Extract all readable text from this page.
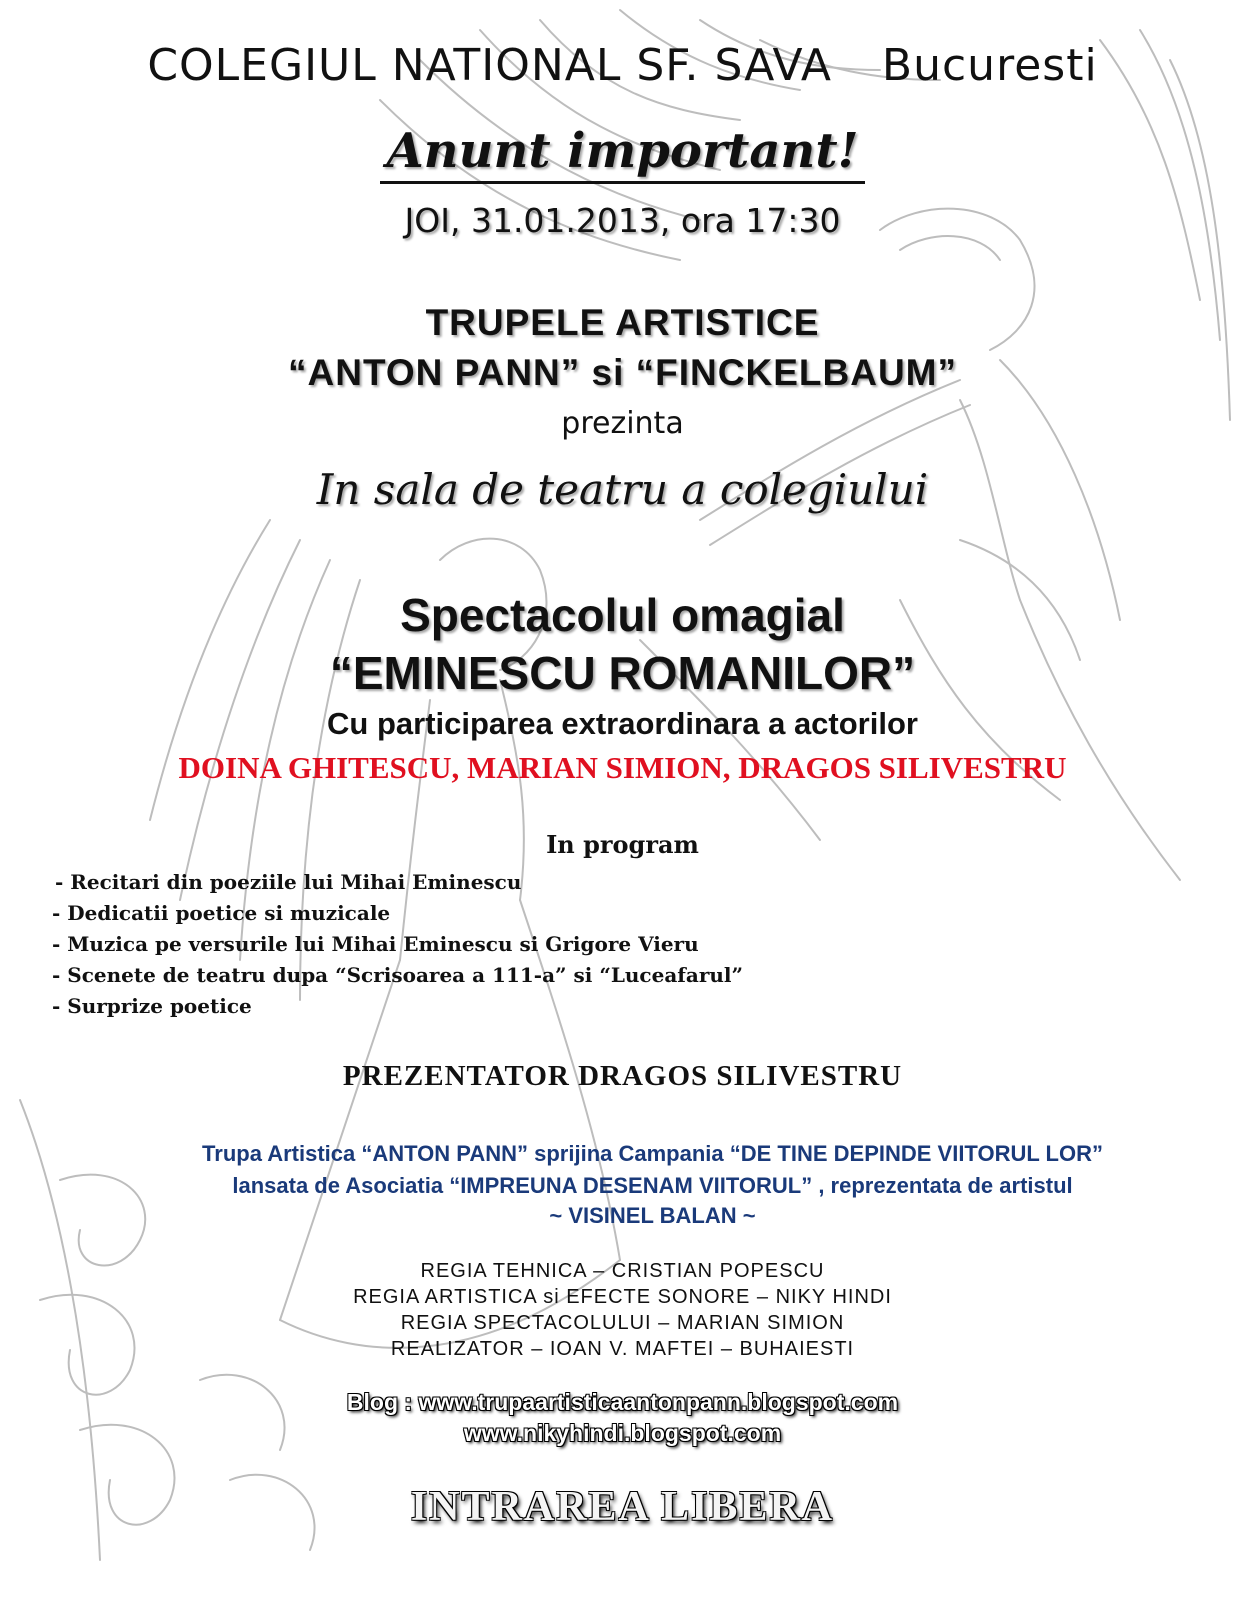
COLEGIUL NATIONAL SF. SAVA Bucuresti
Anunt important!
JOI, 31.01.2013, ora 17:30
TRUPELE ARTISTICE
“ANTON PANN” si “FINCKELBAUM”
prezinta
In sala de teatru a colegiului
Spectacolul omagial
“EMINESCU ROMANILOR”
Cu participarea extraordinara a actorilor
DOINA GHITESCU, MARIAN SIMION, DRAGOS SILIVESTRU
In program
- Recitari din poeziile lui Mihai Eminescu
- Dedicatii poetice si muzicale
- Muzica pe versurile lui Mihai Eminescu si Grigore Vieru
- Scenete de teatru dupa “Scrisoarea a 111-a” si “Luceafarul”
- Surprize poetice
PREZENTATOR DRAGOS SILIVESTRU
Trupa Artistica “ANTON PANN” sprijina Campania “DE TINE DEPINDE VIITORUL LOR”
lansata de Asociatia “IMPREUNA DESENAM VIITORUL” , reprezentata de artistul
~ VISINEL BALAN ~
REGIA TEHNICA – CRISTIAN POPESCU
REGIA ARTISTICA si EFECTE SONORE – NIKY HINDI
REGIA SPECTACOLULUI – MARIAN SIMION
REALIZATOR – IOAN V. MAFTEI – BUHAIESTI
Blog : www.trupaartisticaantonpann.blogspot.com
www.nikyhindi.blogspot.com
INTRAREA LIBERA
